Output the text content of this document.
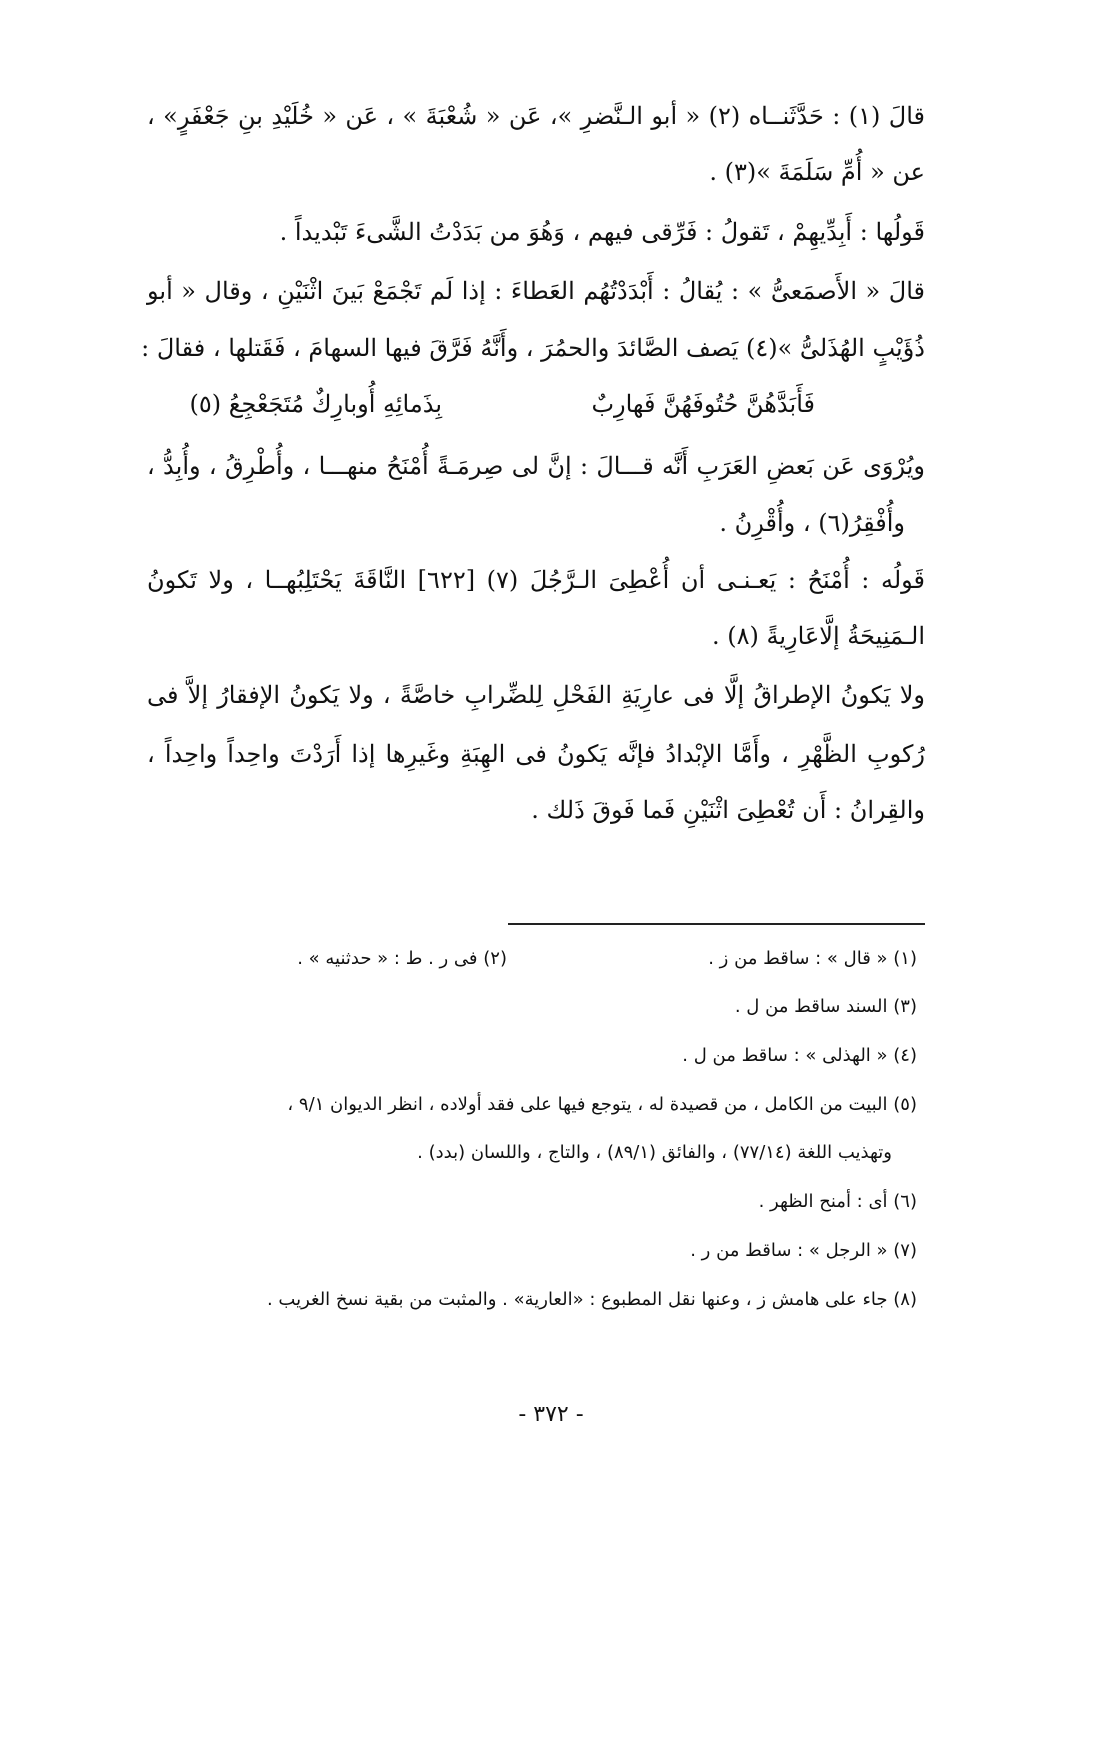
قالَ (١) : حَدَّثَنــاه (٢) « أبو الـنَّضرِ »، عَن « شُعْبَةَ » ، عَن « خُلَيْدِ بنِ جَعْفَرٍ» ،
عن « أُمِّ سَلَمَةَ »(٣) .
قَولُها : أَبِدِّيهِمْ ، تَقولُ : فَرِّقى فيهم ، وَهُوَ من بَدَدْتُ الشَّىءَ تَبْديداً .
قالَ « الأَصمَعىُّ » : يُقالُ : أَبْدَدْتُهُم العَطاءَ : إذا لَم تَجْمَعْ بَينَ اثْنَيْنِ ، وقال « أبو
ذُؤَيْبٍ الهُذَلىُّ »(٤) يَصف الصَّائدَ والحمُرَ ، وأَنَّهُ فَرَّقَ فيها السهامَ ، فَقَتلها ، فقالَ :
فَأَبَدَّهُنَّ حُتُوفَهُنَّ فَهارِبٌ
بِذَمائِهِ أُوبارِكٌ مُتَجَعْجِعُ (٥)
ويُرْوَى عَن بَعضِ العَرَبِ أَنَّه قـــالَ : إنَّ لى صِرمَـةً أُمْنَحُ منهـــا ، وأُطْرِقُ ، وأُبِدُّ ،
وأُفْقِرُ(٦) ، وأُقْرِنُ .
قَولُه : أُمْنَحُ : يَعـنـى أن أُعْطِىَ الـرَّجُلَ (٧) [٦٢٢] النَّاقَةَ يَحْتَلِبُهــا ، ولا تَكونُ
الـمَنِيحَةُ إلَّاعَارِيةً (٨) .
ولا يَكونُ الإطراقُ إلَّا فى عارِيَةِ الفَحْلِ لِلضِّرابِ خاصَّةً ، ولا يَكونُ الإفقارُ إلاَّ فى
رُكوبِ الظَّهْرِ ، وأَمَّا الإبْدادُ فإنَّه يَكونُ فى الهِبَةِ وغَيرِها إذا أَرَدْتَ واحِداً واحِداً ،
والقِرانُ : أَن تُعْطِىَ اثْنَيْنِ فَما فَوقَ ذَلك .
(١) « قال » : ساقط من ز .
(٢) فى ر . ط : « حدثنيه » .
(٣) السند ساقط من ل .
(٤) « الهذلى » : ساقط من ل .
(٥) البيت من الكامل ، من قصيدة له ، يتوجع فيها على فقد أولاده ، انظر الديوان ٩/١ ،
وتهذيب اللغة (٧٧/١٤) ، والفائق (٨٩/١) ، والتاج ، واللسان (بدد) .
(٦) أى : أمنح الظهر .
(٧) « الرجل » : ساقط من ر .
(٨) جاء على هامش ز ، وعنها نقل المطبوع : «العارية» . والمثبت من بقية نسخ الغريب .
- ٣٧٢ -
